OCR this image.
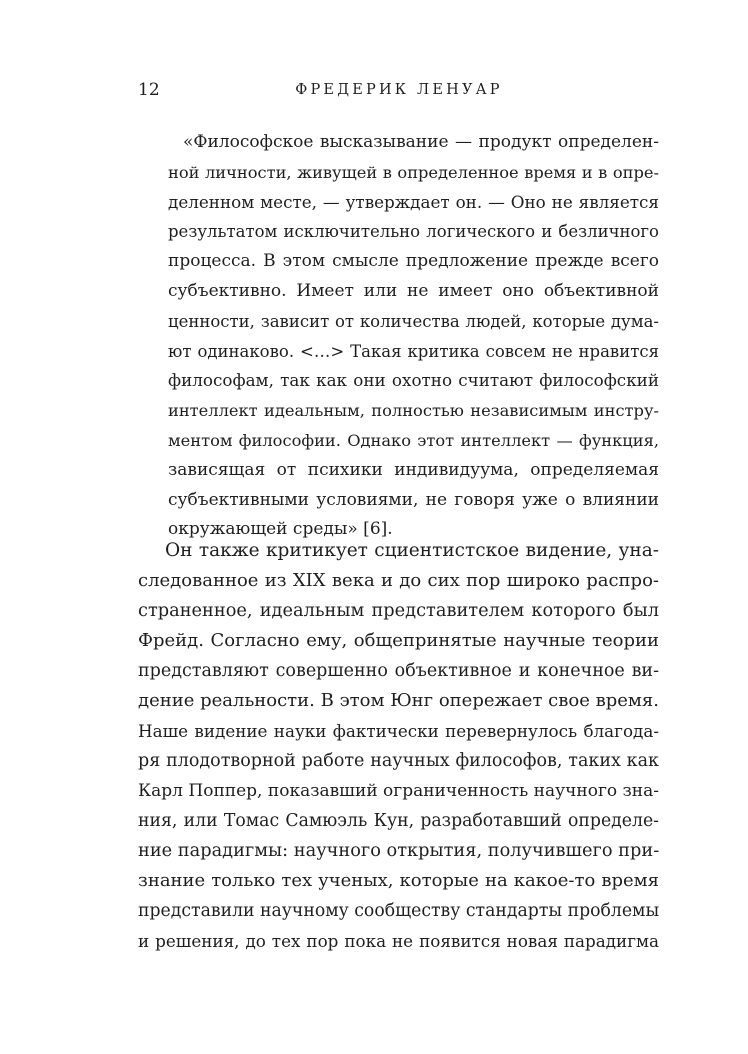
12	ФРЕДЕРИК ЛЕНУАР
«Философское высказывание — продукт определен-
ной личности, живущей в определенное время и в опре-
деленном месте, — утверждает он. — Оно не является
результатом исключительно логического и безличного
процесса. В этом смысле предложение прежде всего
субъективно. Имеет или не имеет оно объективной
ценности, зависит от количества людей, которые дума-
ют одинаково. <…> Такая критика совсем не нравится
философам, так как они охотно считают философский
интеллект идеальным, полностью независимым инстру-
ментом философии. Однако этот интеллект — функция,
зависящая от психики индивидуума, определяемая
субъективными условиями, не говоря уже о влиянии
окружающей среды» [6].
Он также критикует сциентистское видение, уна-
следованное из XIX века и до сих пор широко распро-
страненное, идеальным представителем которого был
Фрейд. Согласно ему, общепринятые научные теории
представляют совершенно объективное и конечное ви-
дение реальности. В этом Юнг опережает свое время.
Наше видение науки фактически перевернулось благода-
ря плодотворной работе научных философов, таких как
Карл Поппер, показавший ограниченность научного зна-
ния, или Томас Самюэль Кун, разработавший определе-
ние парадигмы: научного открытия, получившего при-
знание только тех ученых, которые на какое-то время
представили научному сообществу стандарты проблемы
и решения, до тех пор пока не появится новая парадигма
